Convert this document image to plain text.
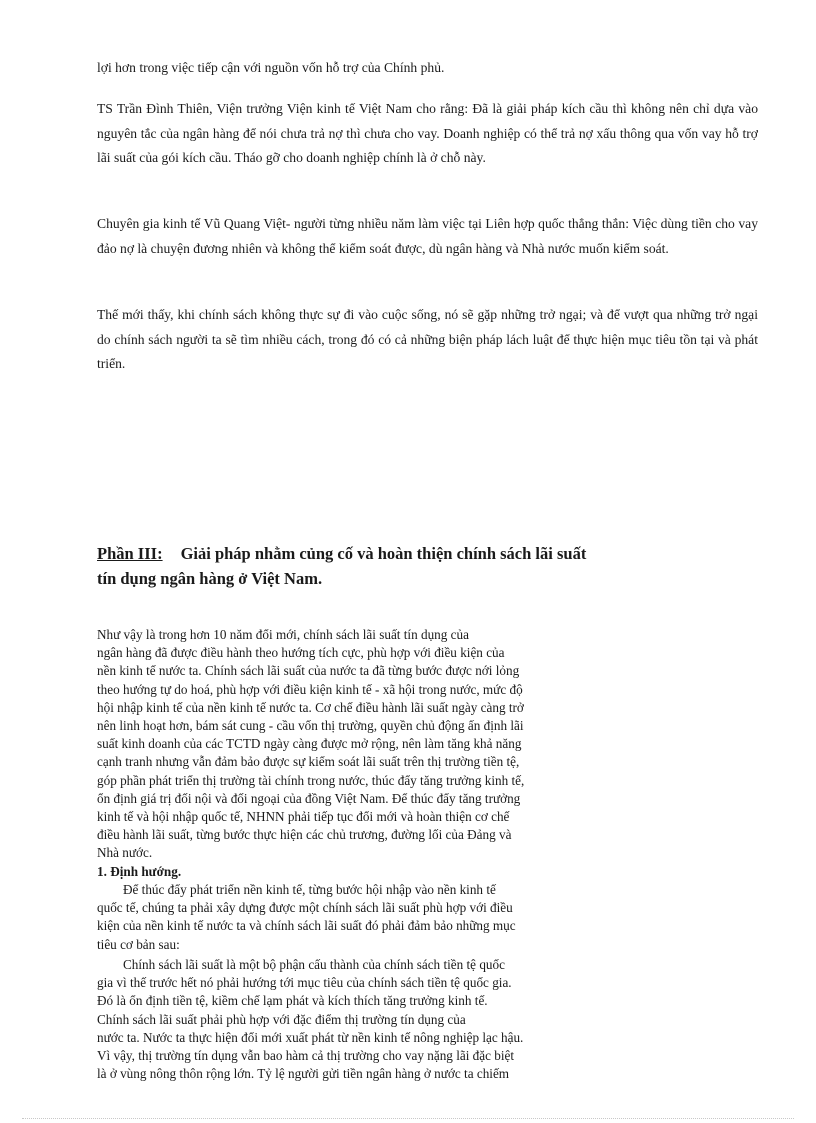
lợi hơn trong việc tiếp cận với nguồn vốn hỗ trợ của Chính phủ.

TS Trần Đình Thiên, Viện trưởng Viện kinh tế Việt Nam cho rằng: Đã là giải pháp kích cầu thì không nên chỉ dựa vào nguyên tắc của ngân hàng để nói chưa trả nợ thì chưa cho vay. Doanh nghiệp có thể trả nợ xấu thông qua vốn vay hỗ trợ lãi suất của gói kích cầu. Tháo gỡ cho doanh nghiệp chính là ở chỗ này.

Chuyên gia kinh tế Vũ Quang Việt- người từng nhiều năm làm việc tại Liên hợp quốc thẳng thắn: Việc dùng tiền cho vay đảo nợ là chuyện đương nhiên và không thể kiểm soát được, dù ngân hàng và Nhà nước muốn kiểm soát.

Thế mới thấy, khi chính sách không thực sự đi vào cuộc sống, nó sẽ gặp những trở ngại; và để vượt qua những trở ngại do chính sách người ta sẽ tìm nhiều cách, trong đó có cả những biện pháp lách luật để thực hiện mục tiêu tồn tại và phát triển.

Phần III: Giải pháp nhằm củng cố và hoàn thiện chính sách lãi suất
tín dụng ngân hàng ở Việt Nam.
Như vậy là trong hơn 10 năm đổi mới, chính sách lãi suất tín dụng của
ngân hàng đã được điều hành theo hướng tích cực, phù hợp với điều kiện của
nền kinh tế nước ta. Chính sách lãi suất của nước ta đã từng bước được nới lỏng
theo hướng tự do hoá, phù hợp với điều kiện kinh tế - xã hội trong nước, mức độ
hội nhập kinh tế của nền kinh tế nước ta. Cơ chế điều hành lãi suất ngày càng trở
nên linh hoạt hơn, bám sát cung - cầu vốn thị trường, quyền chủ động ấn định lãi
suất kinh doanh của các TCTD ngày càng được mở rộng, nên làm tăng khả năng
cạnh tranh nhưng vẫn đảm bảo được sự kiểm soát lãi suất trên thị trường tiền tệ,
góp phần phát triển thị trường tài chính trong nước, thúc đẩy tăng trưởng kinh tế,
ổn định giá trị đối nội và đối ngoại của đồng Việt Nam. Để thúc đẩy tăng trưởng
kinh tế và hội nhập quốc tế, NHNN phải tiếp tục đổi mới và hoàn thiện cơ chế
điều hành lãi suất, từng bước thực hiện các chủ trương, đường lối của Đảng và
Nhà nước.
1. Định hướng.
Để thúc đẩy phát triển nền kinh tế, từng bước hội nhập vào nền kinh tế
quốc tế, chúng ta phải xây dựng được một chính sách lãi suất phù hợp với điều
kiện của nền kinh tế nước ta và chính sách lãi suất đó phải đảm bảo những mục
tiêu cơ bản sau:
Chính sách lãi suất là một bộ phận cấu thành của chính sách tiền tệ quốc
gia vì thế trước hết nó phải hướng tới mục tiêu của chính sách tiền tệ quốc gia.
Đó là ổn định tiền tệ, kiềm chế lạm phát và kích thích tăng trưởng kinh tế.
Chính sách lãi suất phải phù hợp với đặc điểm thị trường tín dụng của
nước ta. Nước ta thực hiện đổi mới xuất phát từ nền kinh tế nông nghiệp lạc hậu.
Vì vậy, thị trường tín dụng vẫn bao hàm cả thị trường cho vay nặng lãi đặc biệt
là ở vùng nông thôn rộng lớn. Tỷ lệ người gửi tiền ngân hàng ở nước ta chiếm
